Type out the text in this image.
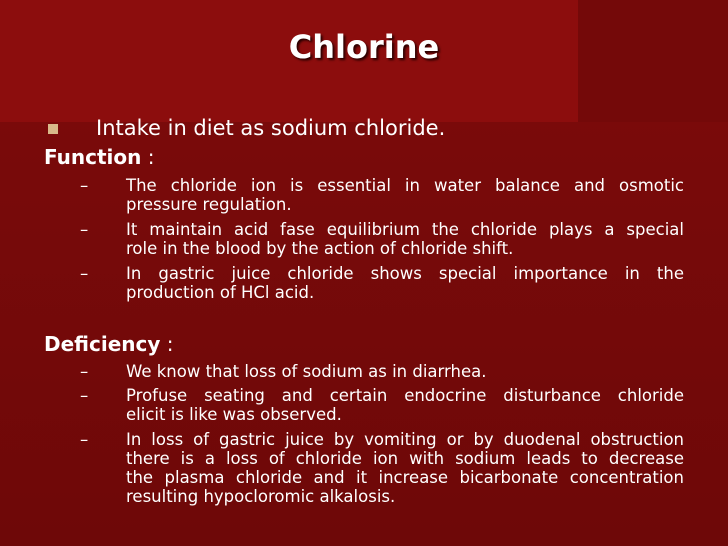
Chlorine
Intake in diet as sodium chloride.
Function :
– The chloride ion is essential in water balance and osmotic
pressure regulation.
– It maintain acid fase equilibrium the chloride plays a special
role in the blood by the action of chloride shift.
– In gastric juice chloride shows special importance in the
production of HCl acid.
Deficiency :
– We know that loss of sodium as in diarrhea.
– Profuse seating and certain endocrine disturbance chloride
elicit is like was observed.
– In loss of gastric juice by vomiting or by duodenal obstruction
there is a loss of chloride ion with sodium leads to decrease
the plasma chloride and it increase bicarbonate concentration
resulting hypocloromic alkalosis.
